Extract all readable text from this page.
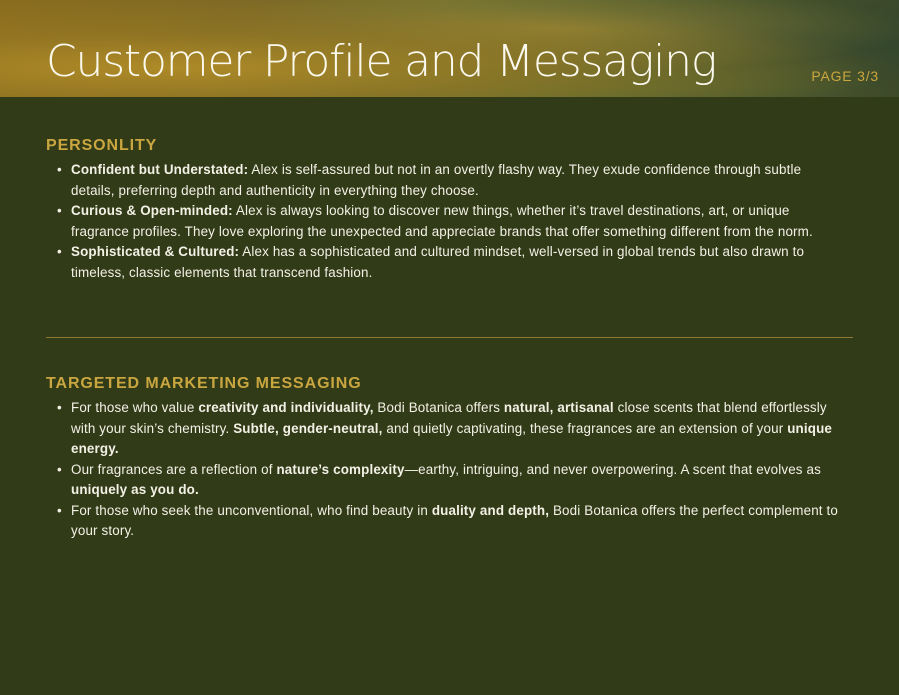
Customer Profile and Messaging	PAGE 3/3
PERSONLITY
• Confident but Understated: Alex is self-assured but not in an overtly flashy way. They exude confidence through subtle details, preferring depth and authenticity in everything they choose.
• Curious & Open-minded: Alex is always looking to discover new things, whether it’s travel destinations, art, or unique fragrance profiles. They love exploring the unexpected and appreciate brands that offer something different from the norm.
• Sophisticated & Cultured: Alex has a sophisticated and cultured mindset, well-versed in global trends but also drawn to timeless, classic elements that transcend fashion.
TARGETED MARKETING MESSAGING
• For those who value creativity and individuality, Bodi Botanica offers natural, artisanal close scents that blend effortlessly with your skin’s chemistry. Subtle, gender-neutral, and quietly captivating, these fragrances are an extension of your unique energy.
• Our fragrances are a reflection of nature’s complexity—earthy, intriguing, and never overpowering. A scent that evolves as uniquely as you do.
• For those who seek the unconventional, who find beauty in duality and depth, Bodi Botanica offers the perfect complement to your story.
